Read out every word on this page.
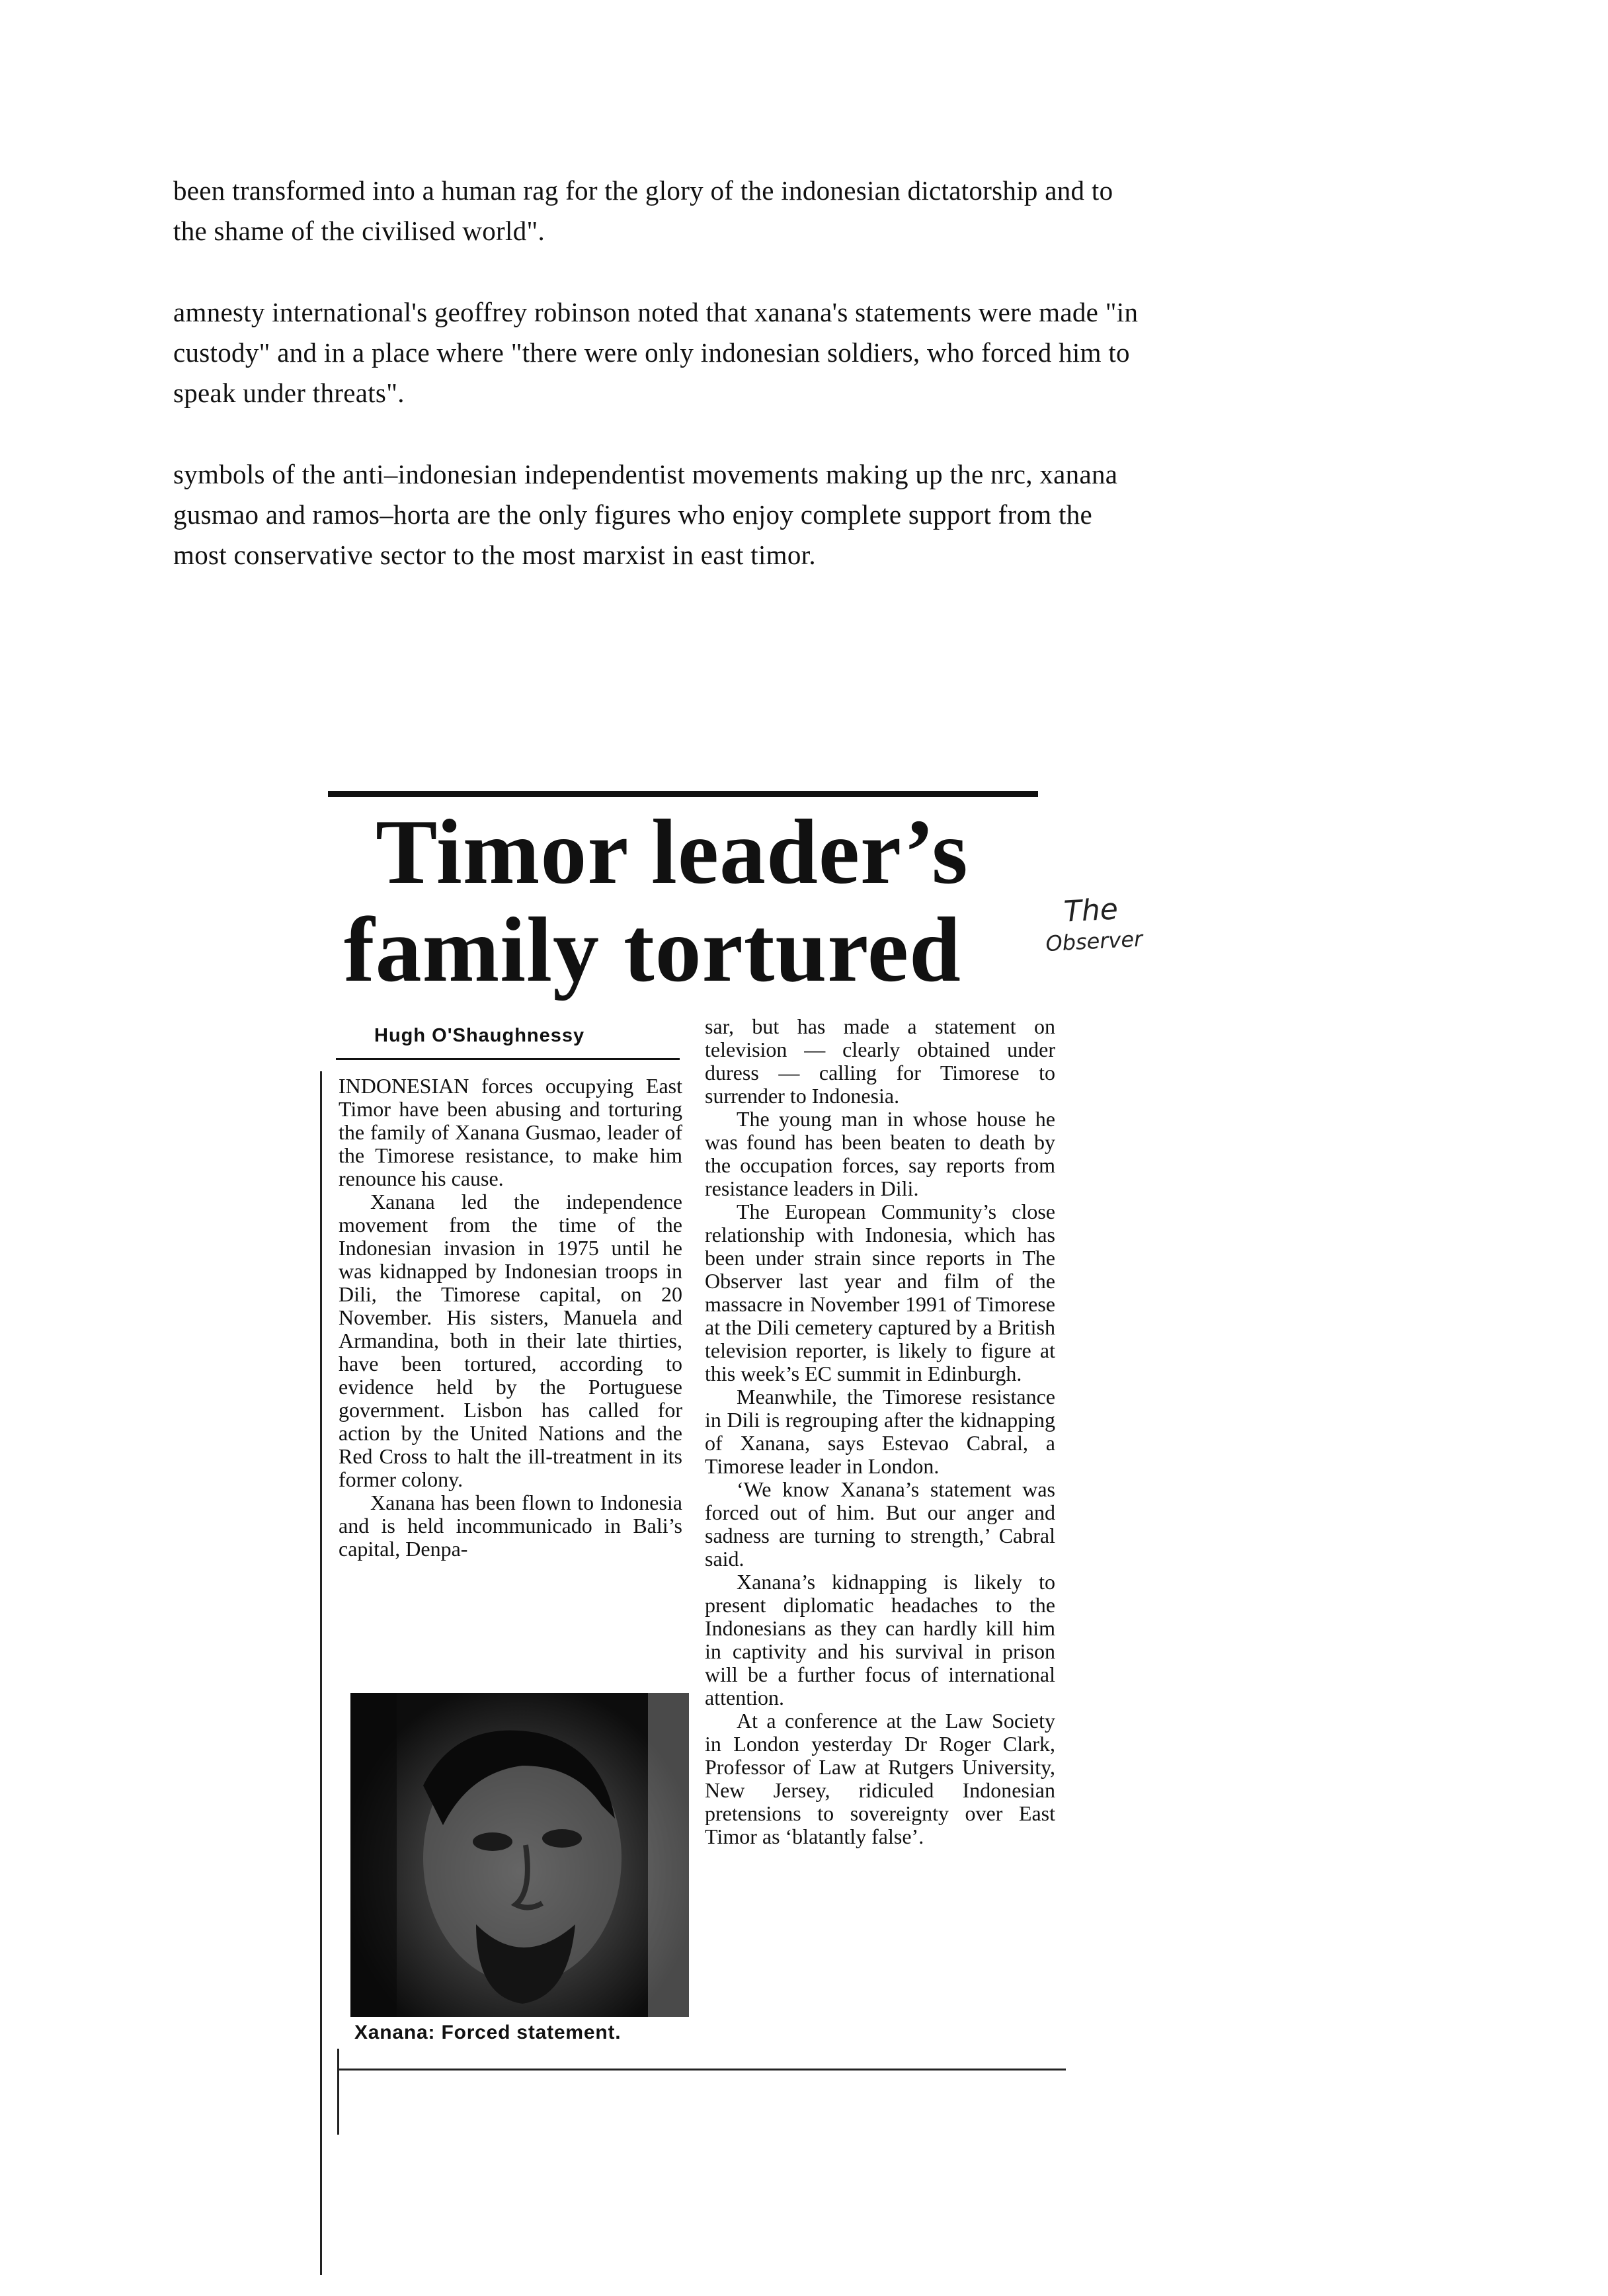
been transformed into a human rag for the glory of the indonesian dictatorship and to the shame of the civilised world".

amnesty international's geoffrey robinson noted that xanana's statements were made "in custody" and in a place where "there were only indonesian soldiers, who forced him to speak under threats".

symbols of the anti–indonesian independentist movements making up the nrc, xanana gusmao and ramos–horta are the only figures who enjoy complete support from the most conservative sector to the most marxist in east timor.

Timor leader’s
family tortured	The
Observer
Hugh O'Shaughnessy

INDONESIAN forces occupying East Timor have been abusing and torturing the family of Xanana Gusmao, leader of the Timorese resistance, to make him renounce his cause.

Xanana led the independence movement from the time of the Indonesian invasion in 1975 until he was kidnapped by Indonesian troops in Dili, the Timorese capital, on 20 November. His sisters, Manuela and Armandina, both in their late thirties, have been tortured, according to evidence held by the Portuguese government. Lisbon has called for action by the United Nations and the Red Cross to halt the ill-treatment in its former colony.

Xanana has been flown to Indonesia and is held incommunicado in Bali’s capital, Denpa-

sar, but has made a statement on television — clearly obtained under duress — calling for Timorese to surrender to Indonesia.

The young man in whose house he was found has been beaten to death by the occupation forces, say reports from resistance leaders in Dili.

The European Community’s close relationship with Indonesia, which has been under strain since reports in The Observer last year and film of the massacre in November 1991 of Timorese at the Dili cemetery captured by a British television reporter, is likely to figure at this week’s EC summit in Edinburgh.

Meanwhile, the Timorese resistance in Dili is regrouping after the kidnapping of Xanana, says Estevao Cabral, a Timorese leader in London.

‘We know Xanana’s statement was forced out of him. But our anger and sadness are turning to strength,’ Cabral said.

Xanana’s kidnapping is likely to present diplomatic headaches to the Indonesians as they can hardly kill him in captivity and his survival in prison will be a further focus of international attention.

At a conference at the Law Society in London yesterday Dr Roger Clark, Professor of Law at Rutgers University, New Jersey, ridiculed Indonesian pretensions to sovereignty over East Timor as ‘blatantly false’.

Xanana: Forced statement.
